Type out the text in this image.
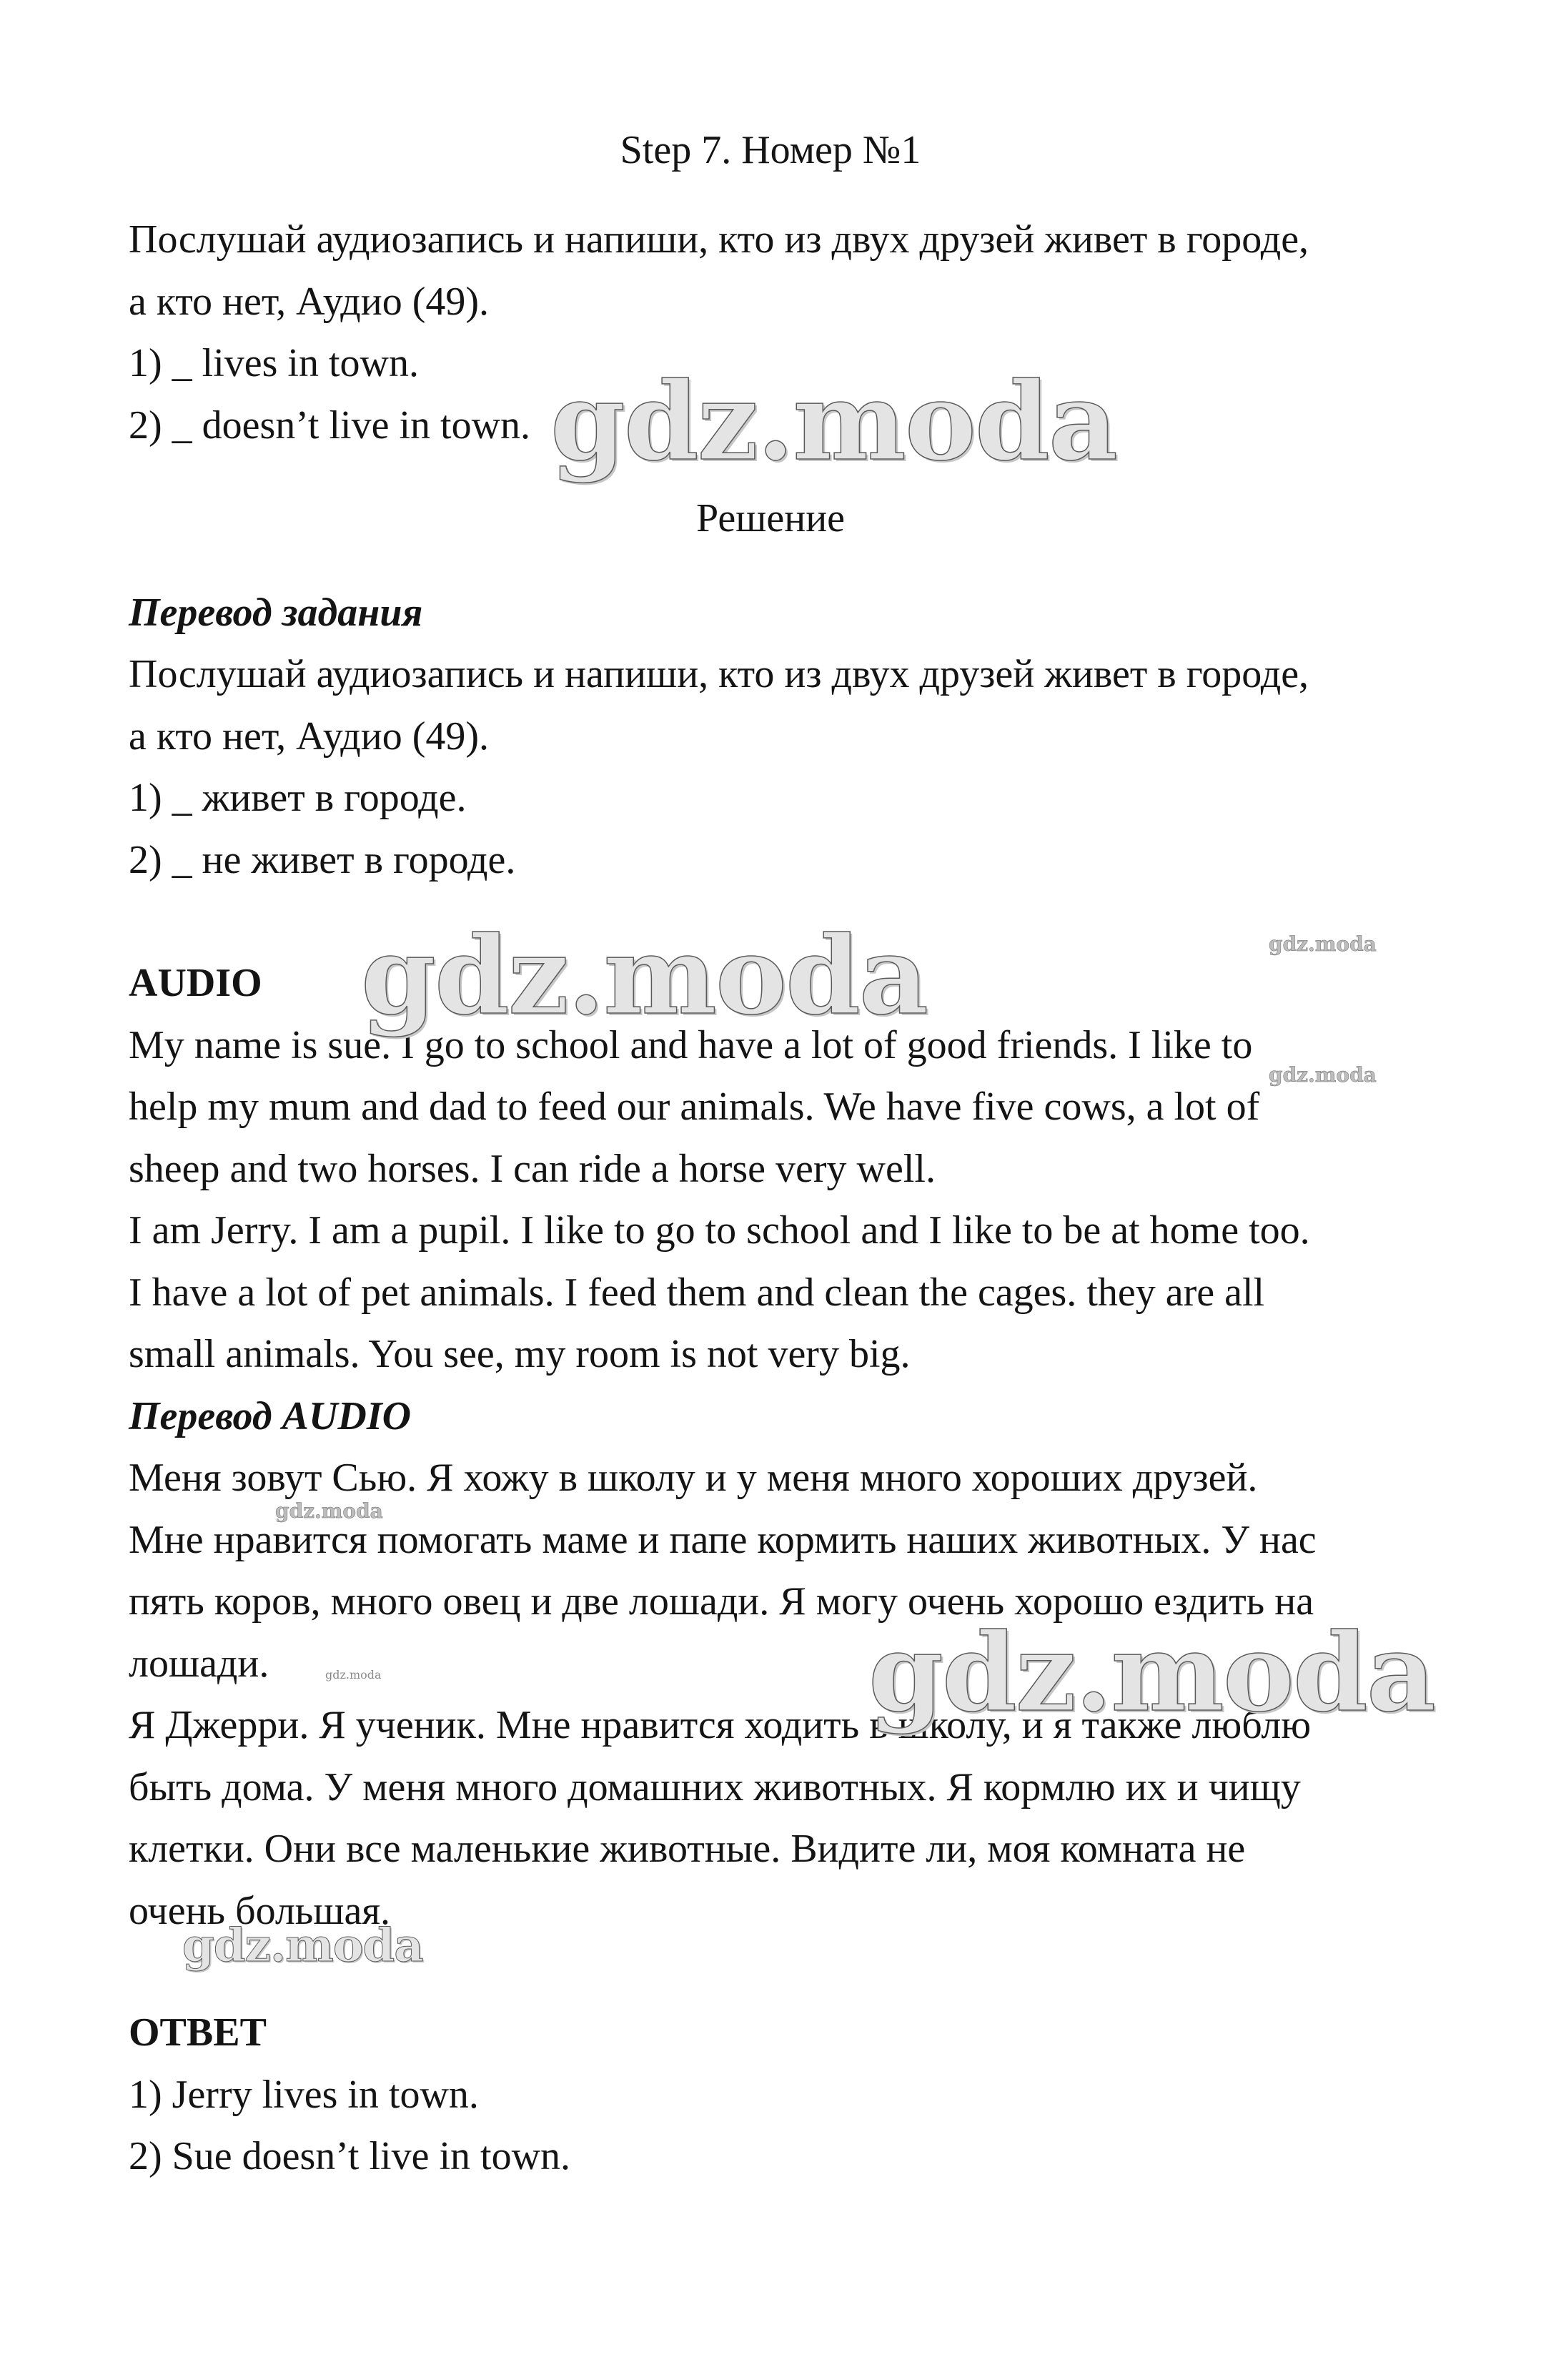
Step 7. Номер №1

Послушай аудиозапись и напиши, кто из двух друзей живет в городе,

а кто нет, Аудио (49).

1) _ lives in town.

2) _ doesn’t live in town.

Решение

Перевод задания

Послушай аудиозапись и напиши, кто из двух друзей живет в городе,

а кто нет, Аудио (49).

1) _ живет в городе.

2) _ не живет в городе.

AUDIO

My name is sue. I go to school and have a lot of good friends. I like to

help my mum and dad to feed our animals. We have five cows, a lot of

sheep and two horses. I can ride a horse very well.

I am Jerry. I am a pupil. I like to go to school and I like to be at home too.

I have a lot of pet animals. I feed them and clean the cages. they are all

small animals. You see, my room is not very big.

Перевод AUDIO

Меня зовут Сью. Я хожу в школу и у меня много хороших друзей.

Мне нравится помогать маме и папе кормить наших животных. У нас

пять коров, много овец и две лошади. Я могу очень хорошо ездить на

лошади.

Я Джерри. Я ученик. Мне нравится ходить в школу, и я также люблю

быть дома. У меня много домашних животных. Я кормлю их и чищу

клетки. Они все маленькие животные. Видите ли, моя комната не

очень большая.

ОТВЕТ

1) Jerry lives in town.

2) Sue doesn’t live in town.

gdz.moda
gdz.moda
gdz.moda
gdz.moda
gdz.moda
gdz.moda
gdz.moda
gdz.moda
